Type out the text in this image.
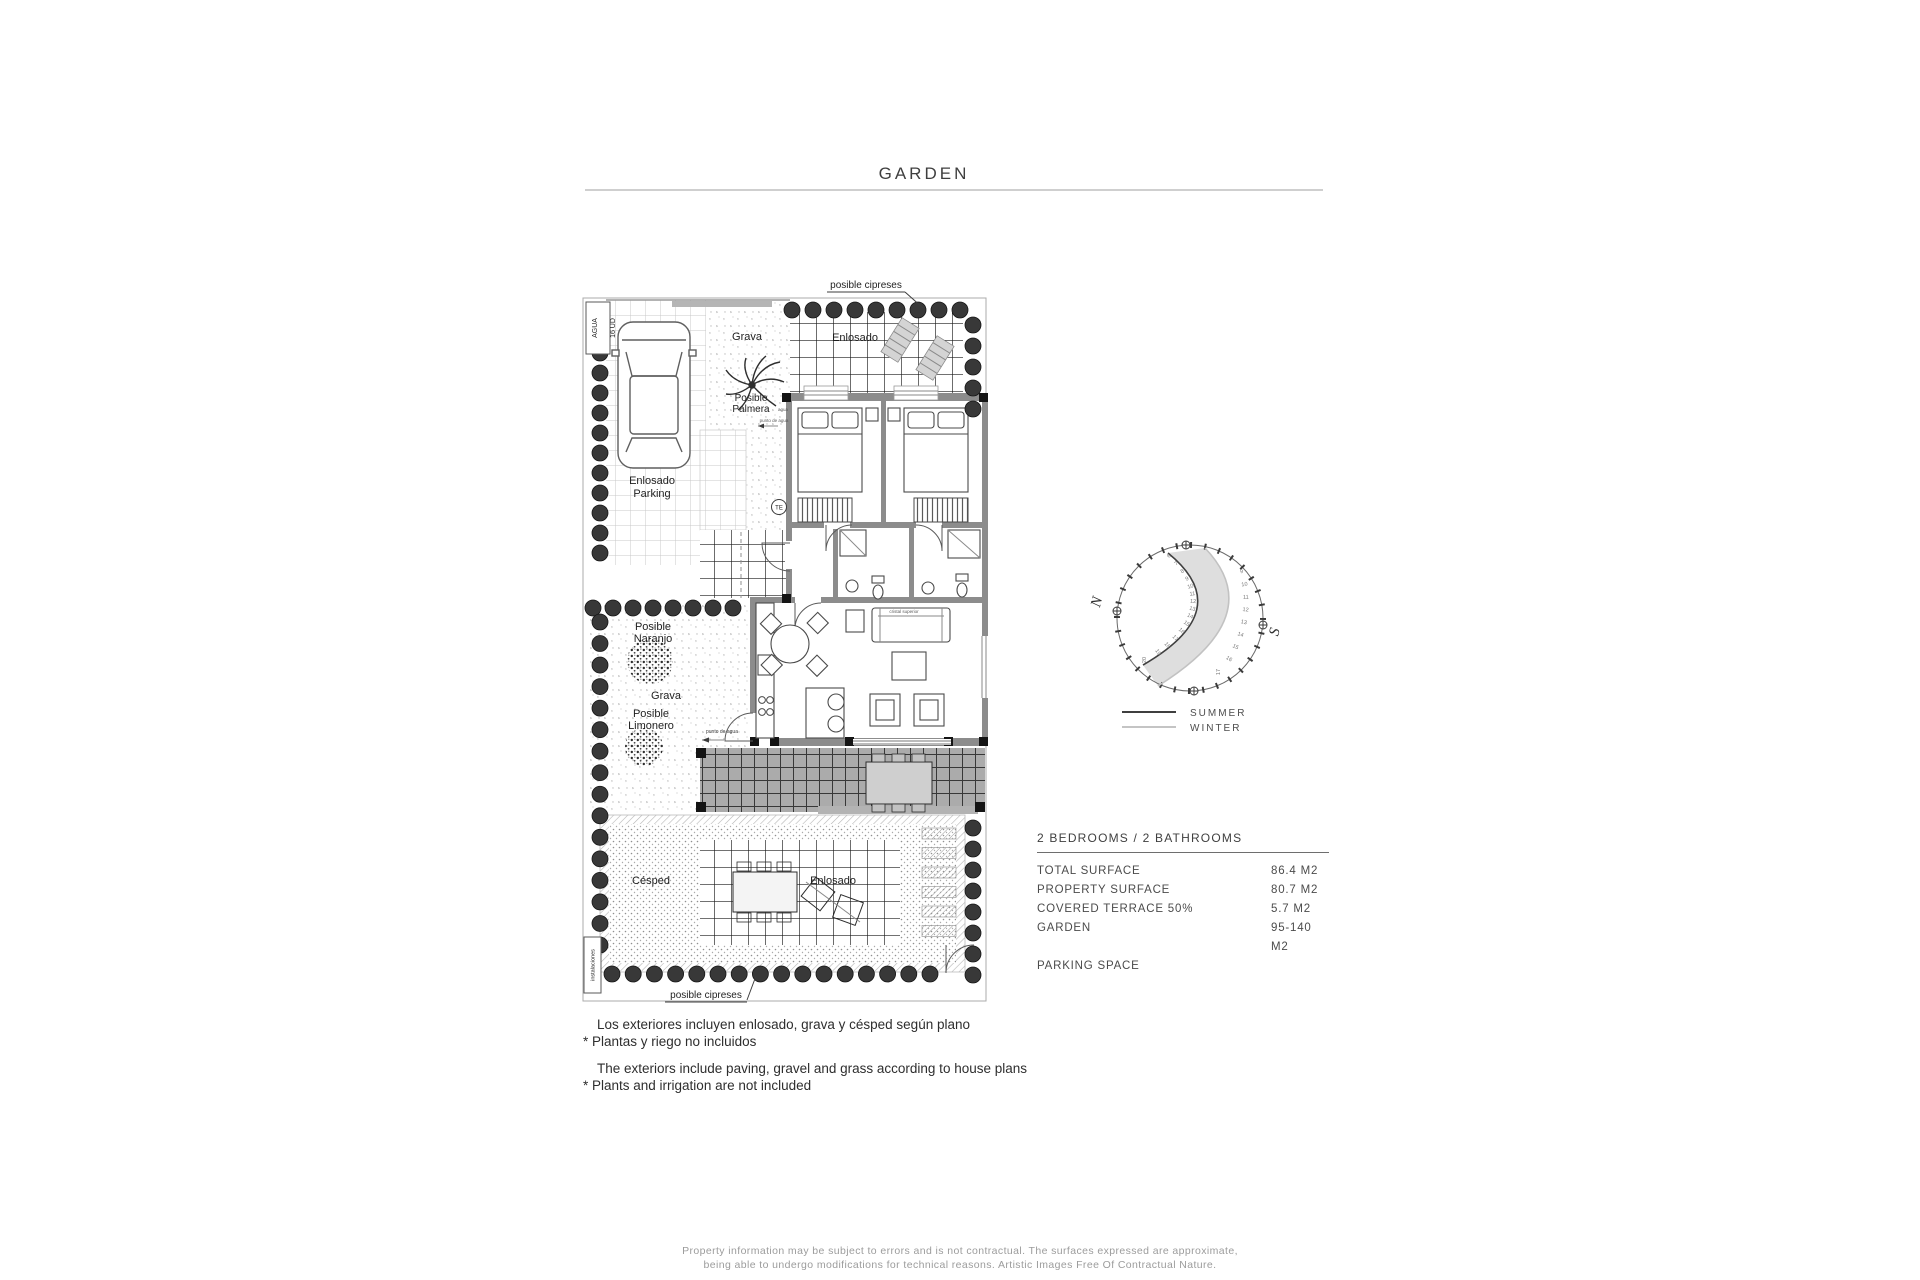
GARDEN
AGUA 16 UD
instalaciones
TE
Grava	Enlosado
Posible
Palmera agua
punto de agua
Enlosado
Parking
Posible
Naranjo
Grava
Posible
Limonero	punto de agua
Césped	Enlosado
cristal superior
posible cipreses
posible cipreses
6
7
8
9
10
11
12
13
14
15
16
17
18
19
20
9
10
11
12
13
14
15
16
17
N
S
SUMMER
WINTER
2 BEDROOMS / 2 BATHROOMS
TOTAL SURFACE	86.4 M2
PROPERTY SURFACE	80.7 M2
COVERED TERRACE 50%	5.7 M2
GARDEN	95-140 M2
PARKING SPACE
Los exteriores incluyen enlosado, grava y césped según plano
* Plantas y riego no incluidos
The exteriors include paving, gravel and grass according to house plans
* Plants and irrigation are not included
Property information may be subject to errors and is not contractual. The surfaces expressed are approximate,
being able to undergo modifications for technical reasons. Artistic Images Free Of Contractual Nature.
